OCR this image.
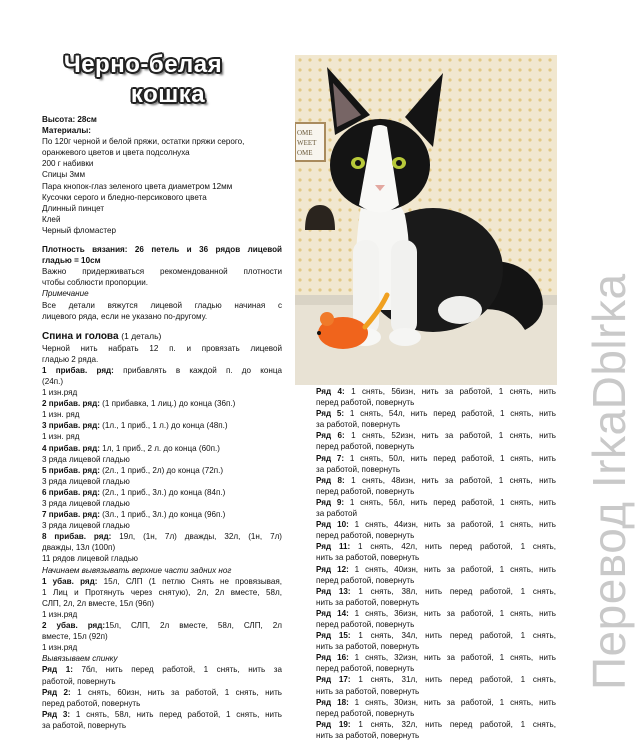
Черно-белая
кошка
Высота: 28см
Материалы:
По 120г черной и белой пряжи, остатки пряжи серого,
оранжевого цветов и цвета подсолнуха
200 г набивки
Спицы 3мм
Пара кнопок-глаз зеленого цвета диаметром 12мм
Кусочки серого и бледно-персикового цвета
Длинный пинцет
Клей
Черный фломастер
Плотность вязания: 26 петель и 36 рядов лицевой
гладью = 10см
Важно придерживаться рекомендованной плотности
чтобы соблюсти пропорции.
Примечание
Все детали вяжутся лицевой гладью начиная с
лицевого ряда, если не указано по-другому.
Спина и голова (1 деталь)
Черной нить набрать 12 п. и провязать лицевой
гладью 2 ряда.
1 прибав. ряд: прибавлять в каждой п. до конца
(24п.)
1 изн.ряд
2 прибав. ряд: (1 прибавка, 1 лиц.) до конца (36п.)
1 изн. ряд
3 прибав. ряд: (1л., 1 приб., 1 л.) до конца (48п.)
1 изн. ряд
4 прибав. ряд: 1л, 1 приб., 2 л. до конца (60п.)
3 ряда лицевой гладью
5 прибав. ряд: (2л., 1 приб., 2л) до конца (72п.)
3 ряда лицевой гладью
6 прибав. ряд: (2л., 1 приб., 3л.) до конца (84п.)
3 ряда лицевой гладью
7 прибав. ряд: (3л., 1 приб., 3л.) до конца (96п.)
3 ряда лицевой гладью
8 прибав. ряд: 19л, (1н, 7л) дважды, 32л, (1н, 7л)
дважды, 13л (100п)
11 рядов лицевой гладью
Начинаем вывязывать верхние части задних ног
1 убав. ряд: 15л, СЛП (1 петлю Снять не провязывая,
1 Лиц и Протянуть через снятую), 2л, 2л вместе, 58л,
СЛП, 2л, 2л вместе, 15л (96п)
1 изн.ряд
2 убав. ряд:15л, СЛП, 2л вместе, 58л, СЛП, 2л
вместе, 15л (92п)
1 изн.ряд
Вывязываем спинку
Ряд 1: 7бл, нить перед работой, 1 снять, нить за
работой, повернуть
Ряд 2: 1 снять, 60изн, нить за работой, 1 снять, нить
перед работой, повернуть
Ряд 3: 1 снять, 58л, нить перед работой, 1 снять, нить
за работой, повернуть
OME
WEET
OME
Ряд 4: 1 снять, 56изн, нить за работой, 1 снять, нить
перед работой, повернуть
Ряд 5: 1 снять, 54л, нить перед работой, 1 снять, нить
за работой, повернуть
Ряд 6: 1 снять, 52изн, нить за работой, 1 снять, нить
перед работой, повернуть
Ряд 7: 1 снять, 50л, нить перед работой, 1 снять, нить
за работой, повернуть
Ряд 8: 1 снять, 48изн, нить за работой, 1 снять, нить
перед работой, повернуть
Ряд 9: 1 снять, 56л, нить перед работой, 1 снять, нить
за работой
Ряд 10: 1 снять, 44изн, нить за работой, 1 снять, нить
перед работой, повернуть
Ряд 11: 1 снять, 42л, нить перед работой, 1 снять,
нить за работой, повернуть
Ряд 12: 1 снять, 40изн, нить за работой, 1 снять, нить
перед работой, повернуть
Ряд 13: 1 снять, 38л, нить перед работой, 1 снять,
нить за работой, повернуть
Ряд 14: 1 снять, 36изн, нить за работой, 1 снять, нить
перед работой, повернуть
Ряд 15: 1 снять, 34л, нить перед работой, 1 снять,
нить за работой, повернуть
Ряд 16: 1 снять, 32изн, нить за работой, 1 снять, нить
перед работой, повернуть
Ряд 17: 1 снять, 31л, нить перед работой, 1 снять,
нить за работой, повернуть
Ряд 18: 1 снять, 30изн, нить за работой, 1 снять, нить
перед работой, повернуть
Ряд 19: 1 снять, 32л, нить перед работой, 1 снять,
нить за работой, повернуть
Перевод IrkaDblrka
